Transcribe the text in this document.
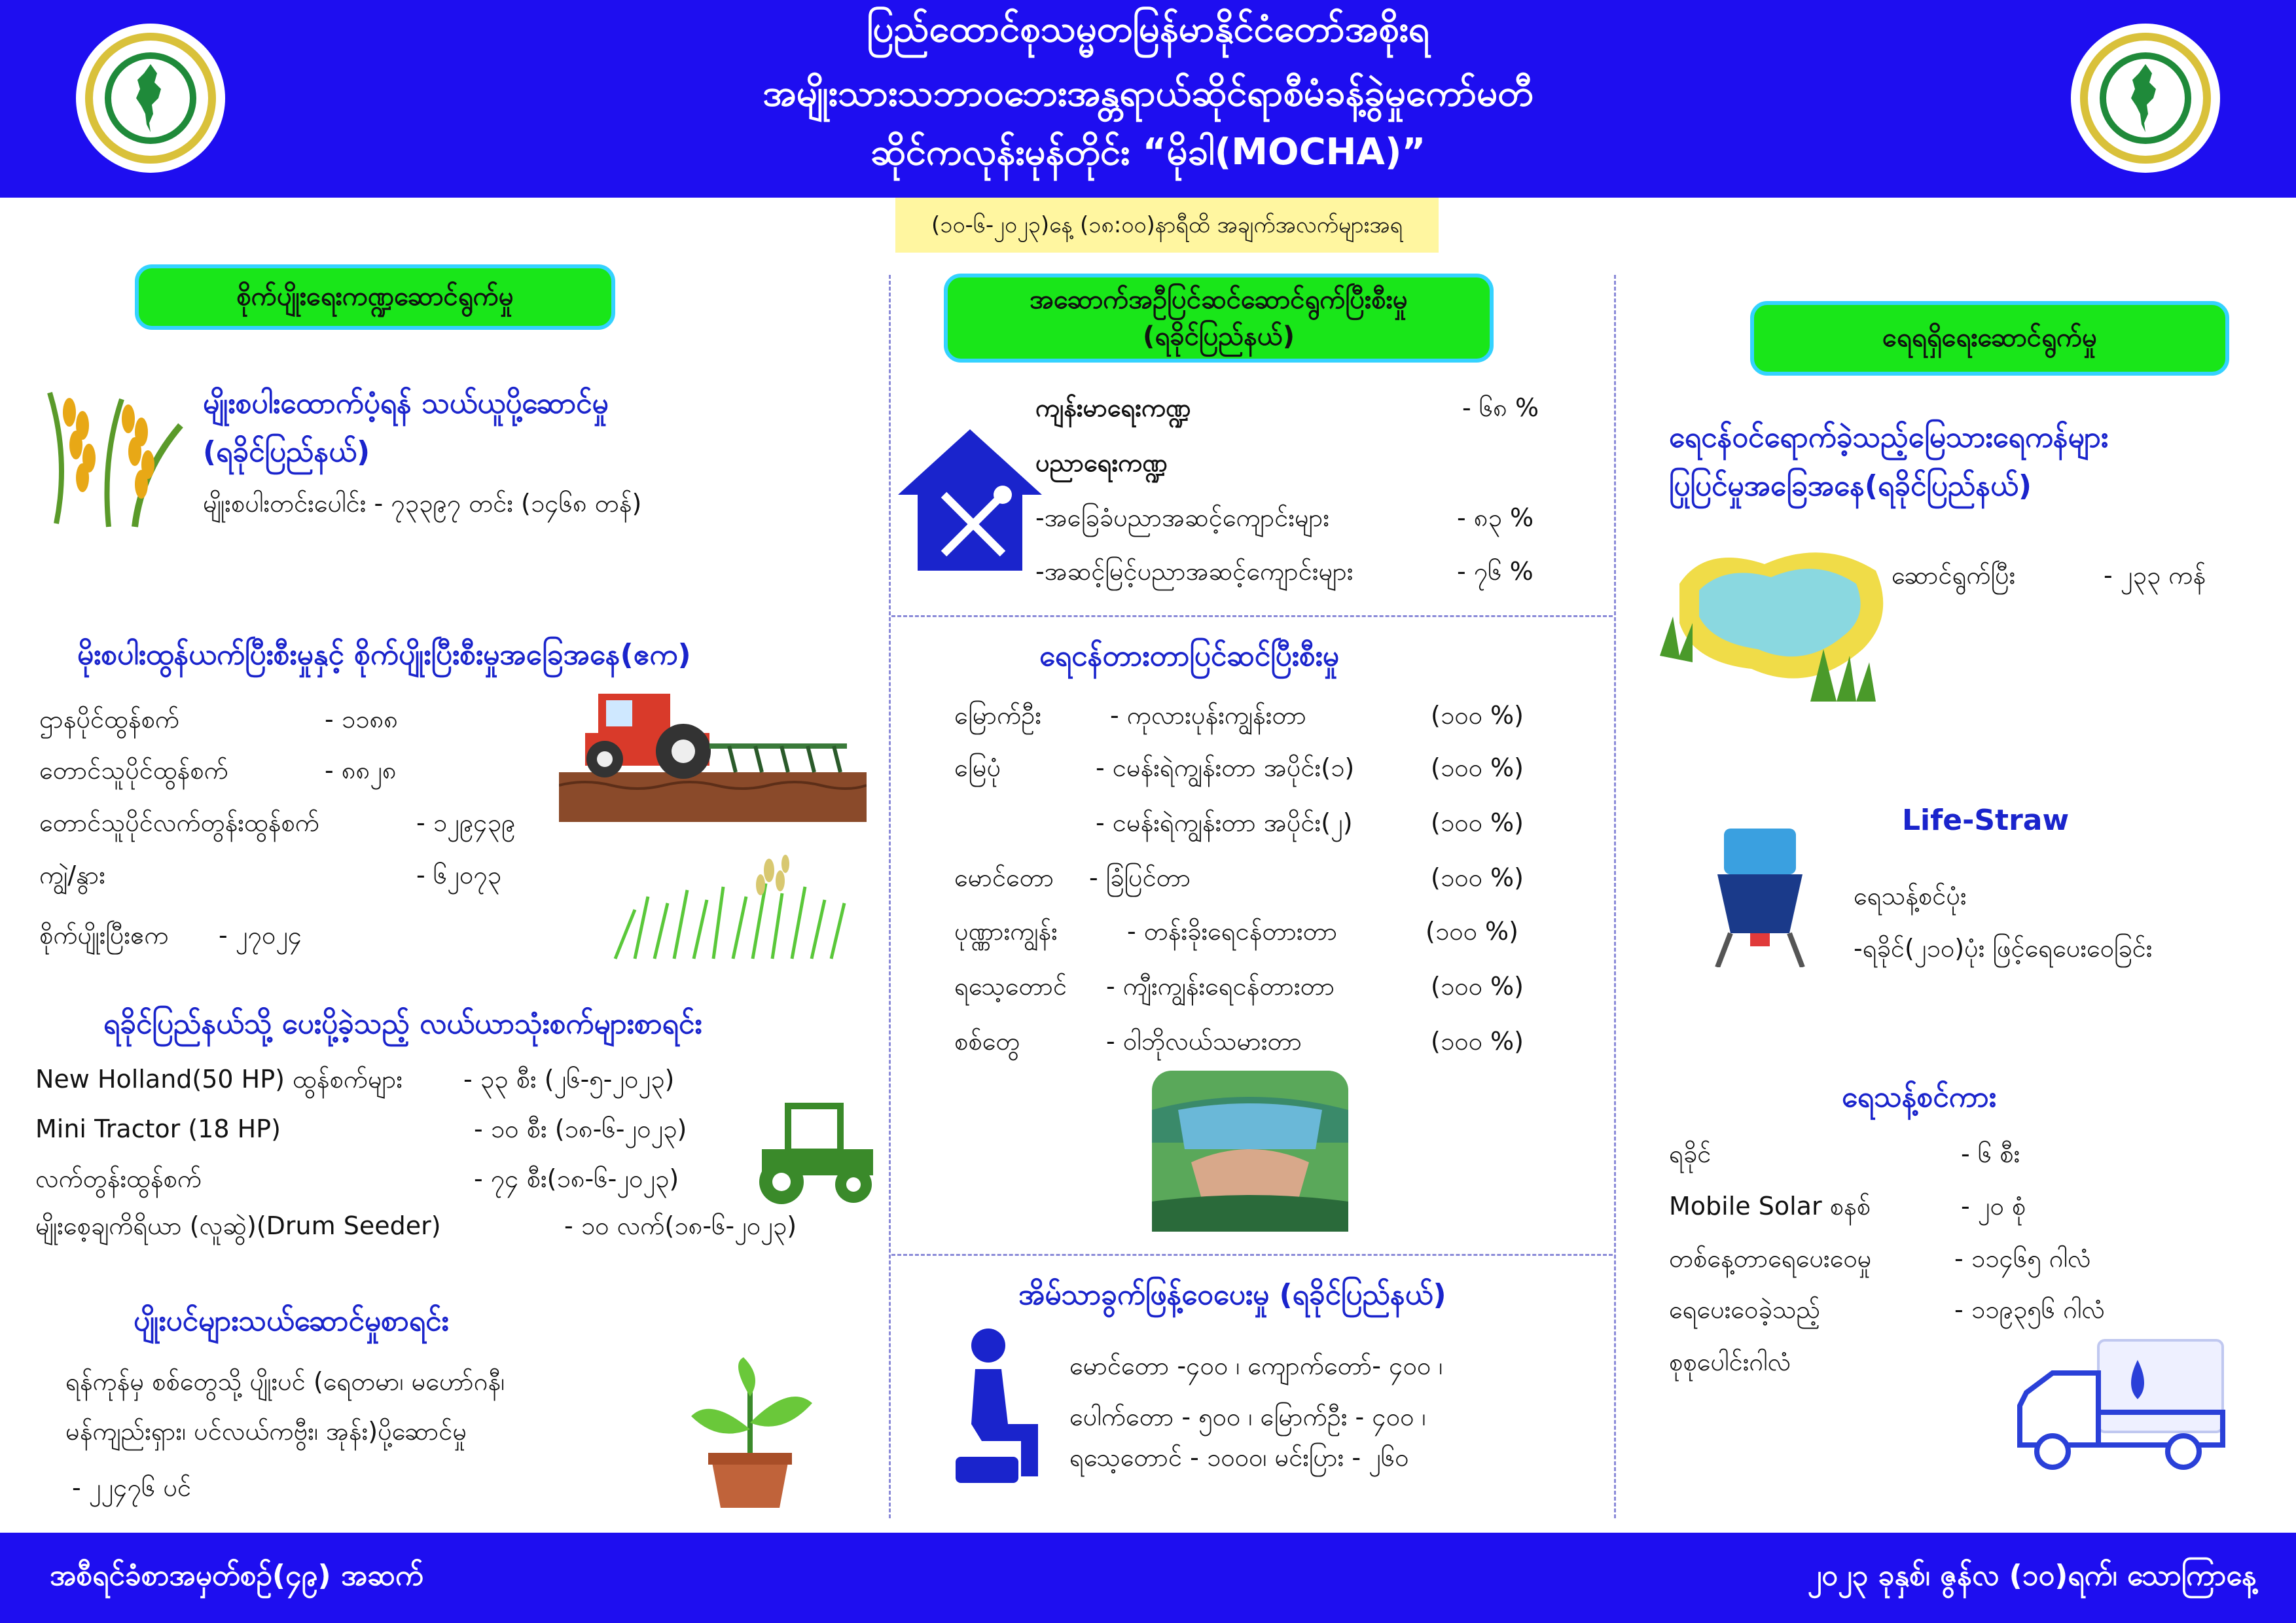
ပြည်ထောင်စုသမ္မတမြန်မာနိုင်ငံတော်အစိုးရ
အမျိုးသားသဘာဝဘေးအန္တရာယ်ဆိုင်ရာစီမံခန့်ခွဲမှုကော်မတီ
ဆိုင်ကလုန်းမုန်တိုင်း “မိုခါ(MOCHA)”
(၁၀-၆-၂၀၂၃)နေ့ (၁၈:၀၀)နာရီထိ အချက်အလက်များအရ
စိုက်ပျိုးရေးကဏ္ဍဆောင်ရွက်မှု
မျိုးစပါးထောက်ပံ့ရန် သယ်ယူပို့ဆောင်မှု
(ရခိုင်ပြည်နယ်)
မျိုးစပါးတင်းပေါင်း - ၇၃၃၉၇ တင်း (၁၄၆၈ တန်)
မိုးစပါးထွန်ယက်ပြီးစီးမှုနှင့် စိုက်ပျိုးပြီးစီးမှုအခြေအနေ(ဧက)
ဌာနပိုင်ထွန်စက်	- ၁၁၈၈
တောင်သူပိုင်ထွန်စက်	- ၈၈၂၈
တောင်သူပိုင်လက်တွန်းထွန်စက်	- ၁၂၉၄၃၉
ကျွဲ/နွား	- ၆၂၀၇၃
စိုက်ပျိုးပြီးဧက - ၂၇၀၂၄
ရခိုင်ပြည်နယ်သို့ ပေးပို့ခဲ့သည့် လယ်ယာသုံးစက်များစာရင်း
New Holland(50 HP) ထွန်စက်များ - ၃၃ စီး (၂၆-၅-၂၀၂၃)
Mini Tractor (18 HP)	- ၁၀ စီး (၁၈-၆-၂၀၂၃)
လက်တွန်းထွန်စက်	- ၇၄ စီး(၁၈-၆-၂၀၂၃)
မျိုးစေ့ချကိရိယာ (လူဆွဲ)(Drum Seeder)	- ၁၀ လက်(၁၈-၆-၂၀၂၃)
ပျိုးပင်များသယ်ဆောင်မှုစာရင်း
ရန်ကုန်မှ စစ်တွေသို့ ပျိုးပင် (ရေတမာ၊ မဟော်ဂနီ၊
မန်ကျည်းရှား၊ ပင်လယ်ကဗွီး၊ အုန်း)ပို့ဆောင်မှု
- ၂၂၄၇၆ ပင်
အဆောက်အဦပြင်ဆင်ဆောင်ရွက်ပြီးစီးမှု
(ရခိုင်ပြည်နယ်)
ကျန်းမာရေးကဏ္ဍ	- ၆၈ %
ပညာရေးကဏ္ဍ
-အခြေခံပညာအဆင့်ကျောင်းများ	- ၈၃ %
-အဆင့်မြင့်ပညာအဆင့်ကျောင်းများ	- ၇၆ %
ရေငန်တားတာပြင်ဆင်ပြီးစီးမှု
မြောက်ဦး	- ကုလားပုန်းကျွန်းတာ	(၁၀၀ %)
မြေပုံ	- ငမန်းရဲကျွန်းတာ အပိုင်း(၁)	(၁၀၀ %)
- ငမန်းရဲကျွန်းတာ အပိုင်း(၂)	(၁၀၀ %)
မောင်တော - ခြံပြင်တာ	(၁၀၀ %)
ပုဏ္ဏားကျွန်း	- တန်းခိုးရေငန်တားတာ	(၁၀၀ %)
ရသေ့တောင် - ကျီးကျွန်းရေငန်တားတာ	(၁၀၀ %)
စစ်တွေ	- ဝါဘိုလယ်သမားတာ	(၁၀၀ %)
အိမ်သာခွက်ဖြန့်ဝေပေးမှု (ရခိုင်ပြည်နယ်)
မောင်တော -၄၀၀ ၊ ကျောက်တော်- ၄၀၀ ၊
ပေါက်တော - ၅၀၀ ၊ မြောက်ဦး - ၄၀၀ ၊
ရသေ့တောင် - ၁၀၀၀၊ မင်းပြား - ၂၆၀
ရေရရှိရေးဆောင်ရွက်မှု
ရေငန်ဝင်ရောက်ခဲ့သည့်မြေသားရေကန်များ
ပြုပြင်မှုအခြေအနေ(ရခိုင်ပြည်နယ်)
ဆောင်ရွက်ပြီး	- ၂၃၃ ကန်
Life-Straw
ရေသန့်စင်ပုံး
-ရခိုင်(၂၁၀)ပုံး ဖြင့်ရေပေးဝေခြင်း
ရေသန့်စင်ကား
ရခိုင်	- ၆ စီး
Mobile Solar စနစ်	- ၂၀ စုံ
တစ်နေ့တာရေပေးဝေမှု	- ၁၁၄၆၅ ဂါလံ
ရေပေးဝေခဲ့သည့်	- ၁၁၉၃၅၆ ဂါလံ
စုစုပေါင်းဂါလံ
အစီရင်ခံစာအမှတ်စဉ်(၄၉) အဆက်	၂၀၂၃ ခုနှစ်၊ ဇွန်လ (၁၀)ရက်၊ သောကြာနေ့
